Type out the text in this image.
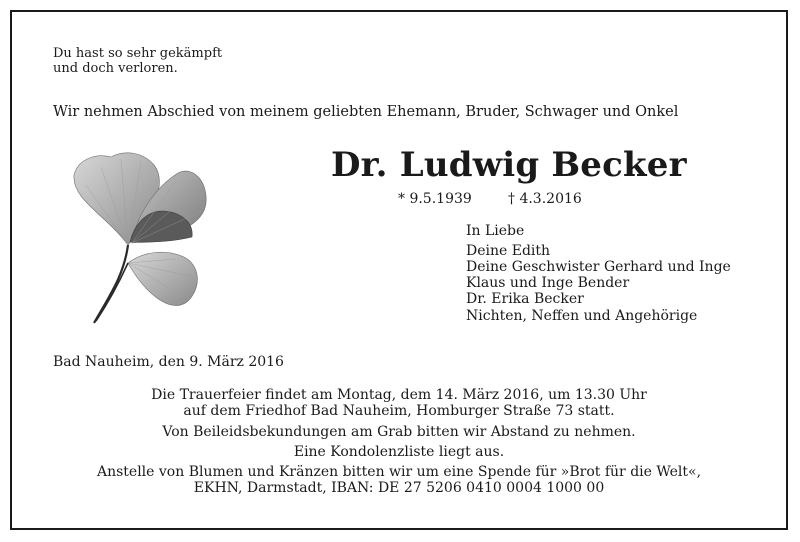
Du hast so sehr gekämpft
und doch verloren.
Wir nehmen Abschied von meinem geliebten Ehemann, Bruder, Schwager und Onkel
Dr. Ludwig Becker
* 9.5.1939	† 4.3.2016
In Liebe
Deine Edith
Deine Geschwister Gerhard und Inge
Klaus und Inge Bender
Dr. Erika Becker
Nichten, Neffen und Angehörige
Bad Nauheim, den 9. März 2016
Die Trauerfeier findet am Montag, dem 14. März 2016, um 13.30 Uhr
auf dem Friedhof Bad Nauheim, Homburger Straße 73 statt.
Von Beileidsbekundungen am Grab bitten wir Abstand zu nehmen.
Eine Kondolenzliste liegt aus.
Anstelle von Blumen und Kränzen bitten wir um eine Spende für »Brot für die Welt«,
EKHN, Darmstadt, IBAN: DE 27 5206 0410 0004 1000 00
